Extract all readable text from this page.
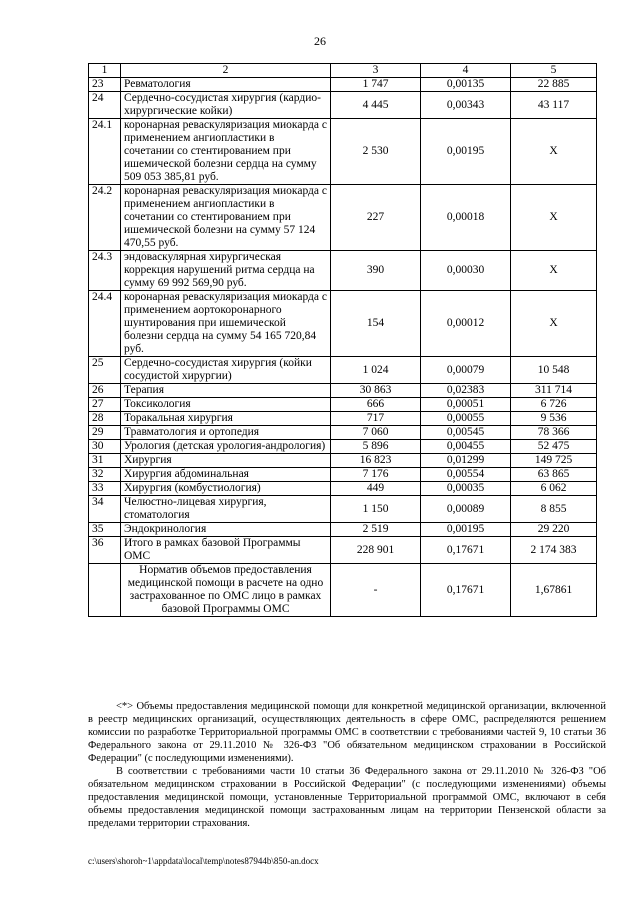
26
1	2	3	4	5
23	Ревматология	1 747	0,00135	22 885
24	Сердечно-сосудистая хирургия (кардио-хирургические койки)	4 445	0,00343	43 117
24.1	коронарная реваскуляризация миокарда с применением ангиопластики в сочетании со стентированием при ишемической болезни сердца на сумму 509 053 385,81 руб.	2 530	0,00195	Х
24.2	коронарная реваскуляризация миокарда с применением ангиопластики в сочетании со стентированием при ишемической болезни на сумму 57 124 470,55 руб.	227	0,00018	Х
24.3	эндоваскулярная хирургическая коррекция нарушений ритма сердца на сумму 69 992 569,90 руб.	390	0,00030	Х
24.4	коронарная реваскуляризация миокарда с применением аортокоронарного шунтирования при ишемической болезни сердца на сумму 54 165 720,84 руб.	154	0,00012	Х
25	Сердечно-сосудистая хирургия (койки сосудистой хирургии)	1 024	0,00079	10 548
26	Терапия	30 863	0,02383	311 714
27	Токсикология	666	0,00051	6 726
28	Торакальная хирургия	717	0,00055	9 536
29	Травматология и ортопедия	7 060	0,00545	78 366
30	Урология (детская урология-андрология)	5 896	0,00455	52 475
31	Хирургия	16 823	0,01299	149 725
32	Хирургия абдоминальная	7 176	0,00554	63 865
33	Хирургия (комбустиология)	449	0,00035	6 062
34	Челюстно-лицевая хирургия, стоматология	1 150	0,00089	8 855
35	Эндокринология	2 519	0,00195	29 220
36	Итого в рамках базовой Программы ОМС	228 901	0,17671	2 174 383
	Норматив объемов предоставления медицинской помощи в расчете на одно застрахованное по ОМС лицо в рамках базовой Программы ОМС	-	0,17671	1,67861

<*> Объемы предоставления медицинской помощи для конкретной медицинской организации, включенной в реестр медицинских организаций, осуществляющих деятельность в сфере ОМС, распределяются решением комиссии по разработке Территориальной программы ОМС в соответствии с требованиями частей 9, 10 статьи 36 Федерального закона от 29.11.2010 № 326-ФЗ "Об обязательном медицинском страховании в Российской Федерации" (с последующими изменениями).

В соответствии с требованиями части 10 статьи 36 Федерального закона от 29.11.2010 № 326-ФЗ "Об обязательном медицинском страховании в Российской Федерации" (с последующими изменениями) объемы предоставления медицинской помощи, установленные Территориальной программой ОМС, включают в себя объемы предоставления медицинской помощи застрахованным лицам на территории Пензенской области за пределами территории страхования.

c:\users\shoroh~1\appdata\local\temp\notes87944b\850-an.docx
